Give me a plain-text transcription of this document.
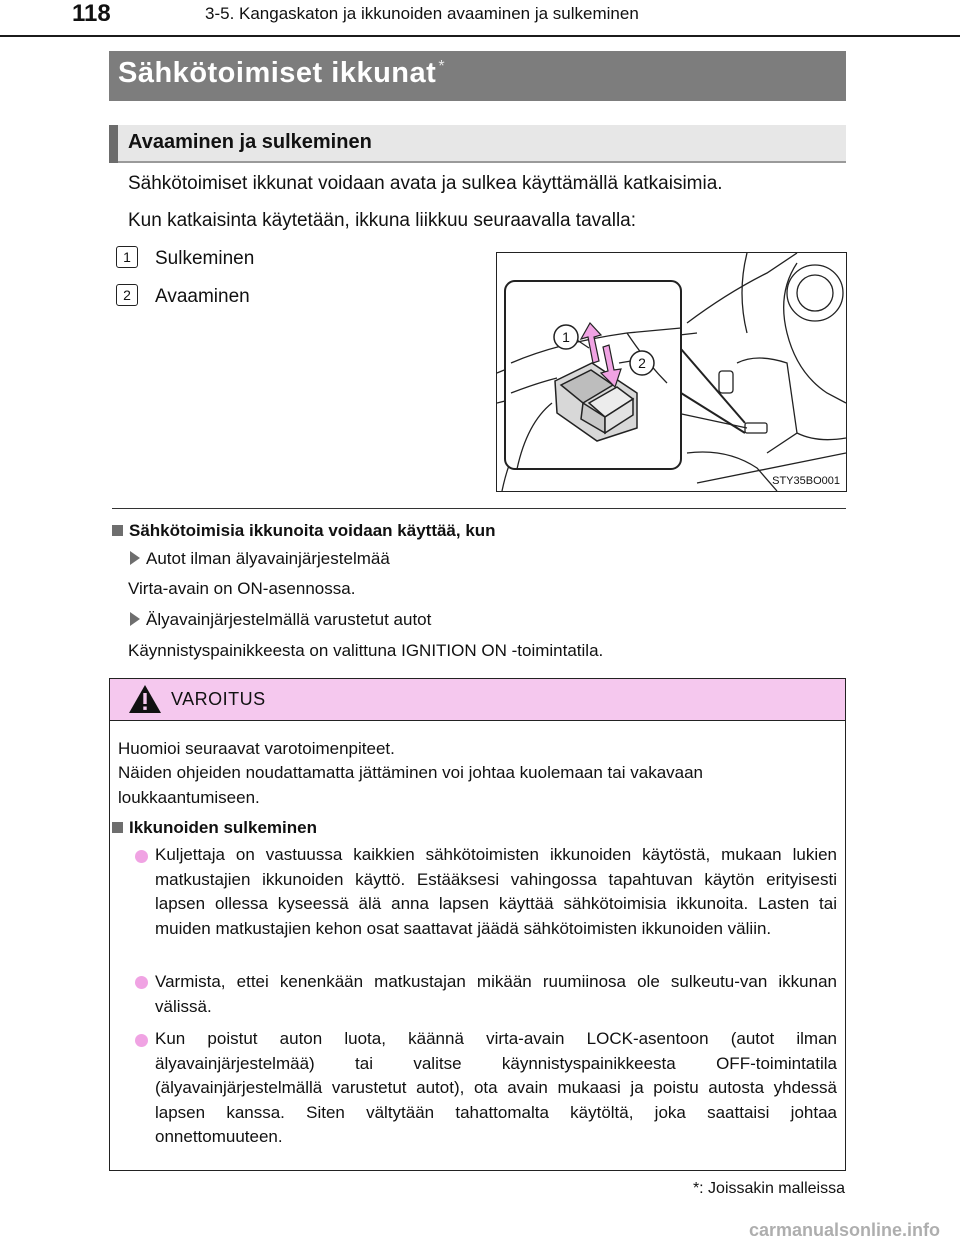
118	3-5. Kangaskaton ja ikkunoiden avaaminen ja sulkeminen
Sähkötoimiset ikkunat *
Avaaminen ja sulkeminen
Sähkötoimiset ikkunat voidaan avata ja sulkea käyttämällä katkaisimia.
Kun katkaisinta käytetään, ikkuna liikkuu seuraavalla tavalla:
1	Sulkeminen
2	Avaaminen
1
2
STY35BO001
Sähkötoimisia ikkunoita voidaan käyttää, kun
Autot ilman älyavainjärjestelmää
Virta-avain on ON-asennossa.
Älyavainjärjestelmällä varustetut autot
Käynnistyspainikkeesta on valittuna IGNITION ON -toimintatila.
VAROITUS
Huomioi seuraavat varotoimenpiteet.
Näiden ohjeiden noudattamatta jättäminen voi johtaa kuolemaan tai vakavaan
loukkaantumiseen.
Ikkunoiden sulkeminen
Kuljettaja on vastuussa kaikkien sähkötoimisten ikkunoiden käytöstä, mukaan lukien matkustajien ikkunoiden käyttö. Estääksesi vahingossa tapahtuvan käytön erityisesti lapsen ollessa kyseessä älä anna lapsen käyttää sähkötoimisia ikkunoita. Lasten tai muiden matkustajien kehon osat saattavat jäädä sähkötoimisten ikkunoiden väliin.
Varmista, ettei kenenkään matkustajan mikään ruumiinosa ole sulkeutu-van ikkunan välissä.
Kun poistut auton luota, käännä virta-avain LOCK-asentoon (autot ilman älyavainjärjestelmää) tai valitse käynnistyspainikkeesta OFF-toimintatila (älyavainjärjestelmällä varustetut autot), ota avain mukaasi ja poistu autosta yhdessä lapsen kanssa. Siten vältytään tahattomalta käytöltä, joka saattaisi johtaa onnettomuuteen.
*: Joissakin malleissa
carmanualsonline.info
